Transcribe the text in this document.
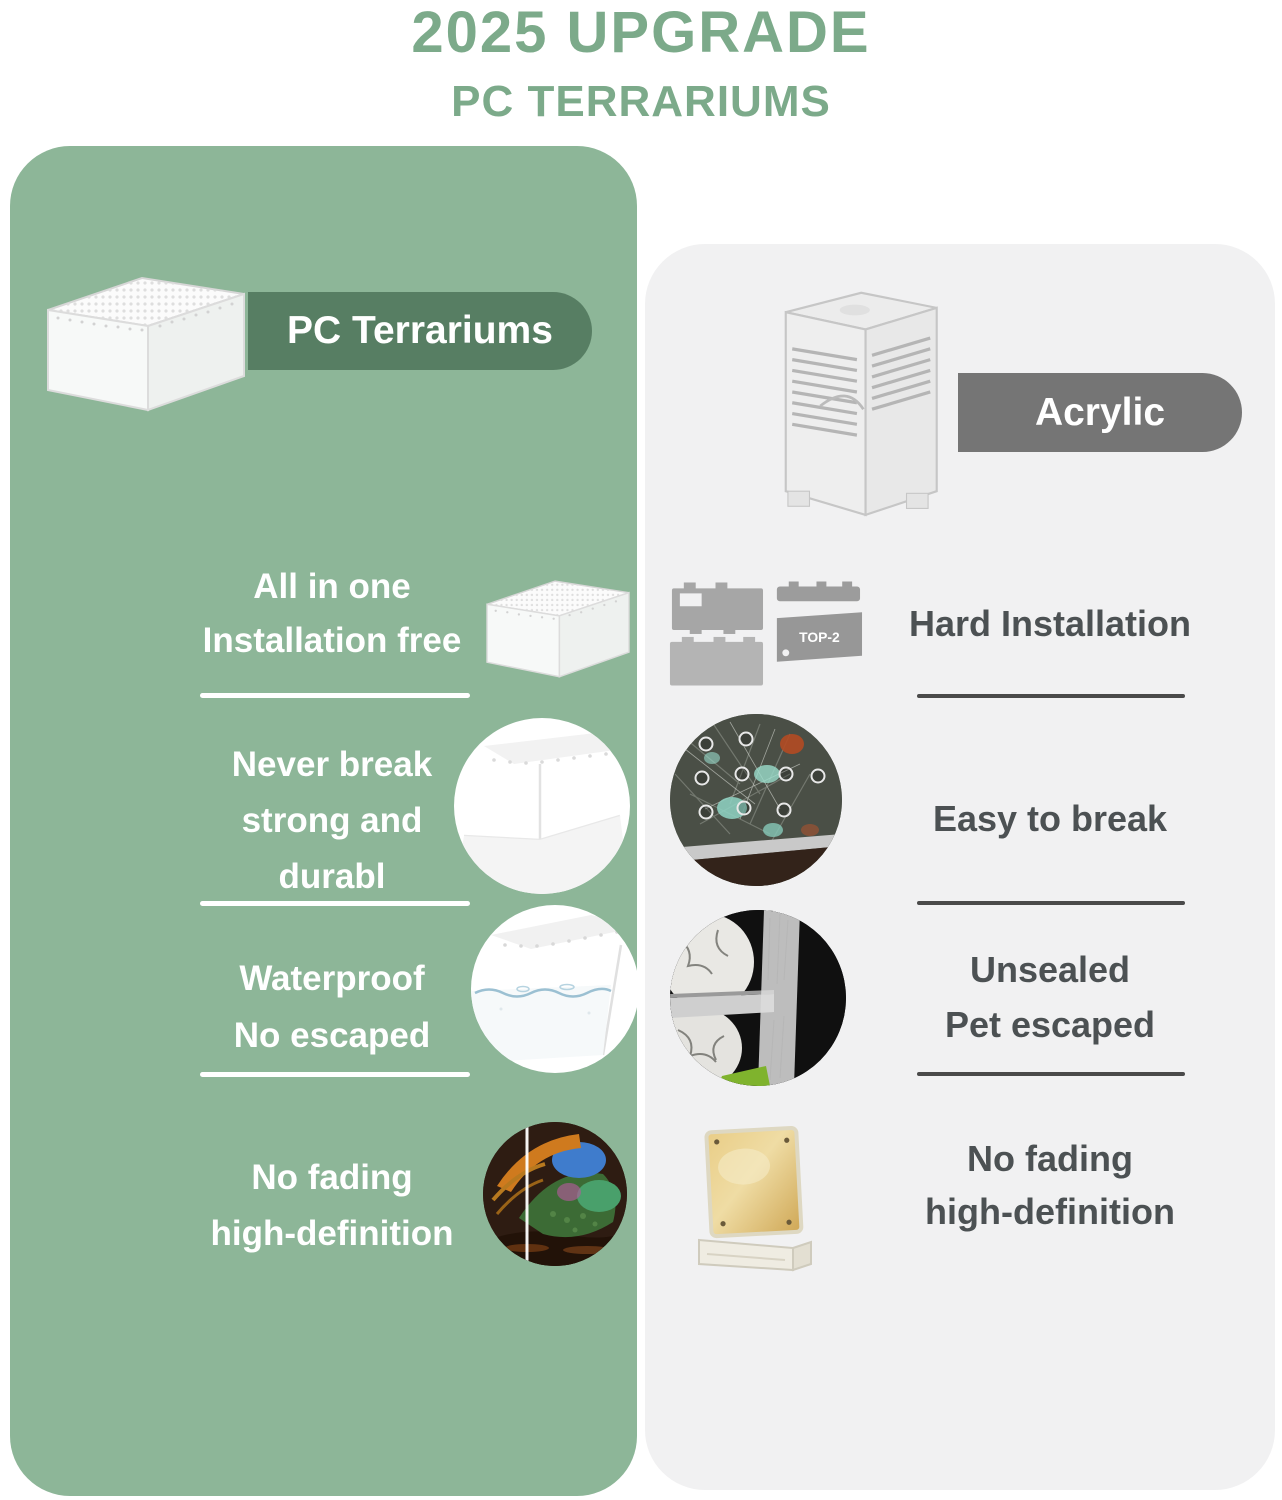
2025 UPGRADE
PC TERRARIUMS
PC Terrariums
Acrylic
All in one
Installation free
Never break
strong and
durabl
Waterproof
No escaped
No fading
high-definition
TOP-2	Hard Installation
Easy to break
Unsealed
Pet escaped
No fading
high-definition
